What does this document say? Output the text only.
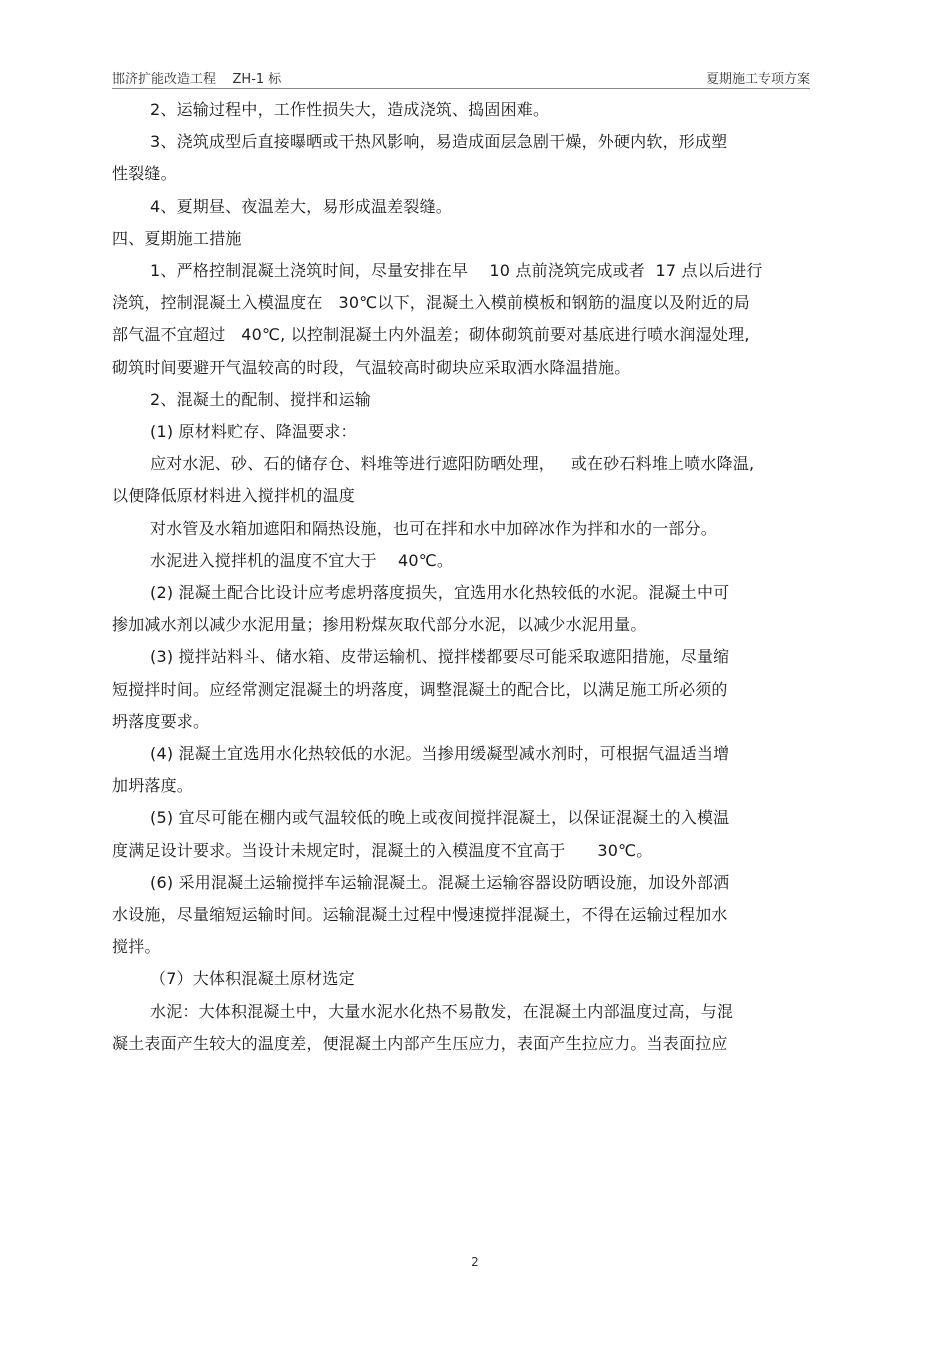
邯济扩能改造工程    ZH-1 标	夏期施工专项方案

2、运输过程中，工作性损失大，造成浇筑、捣固困难。

3、浇筑成型后直接曝晒或干热风影响，易造成面层急剧干燥，外硬内软，形成塑
性裂缝。

4、夏期昼、夜温差大，易形成温差裂缝。

四、夏期施工措施

1、严格控制混凝土浇筑时间，尽量安排在早    10 点前浇筑完成或者  17 点以后进行
浇筑，控制混凝土入模温度在   30℃以下，混凝土入模前模板和钢筋的温度以及附近的局
部气温不宜超过   40℃, 以控制混凝土内外温差；砌体砌筑前要对基底进行喷水润湿处理,
砌筑时间要避开气温较高的时段，气温较高时砌块应采取洒水降温措施。

2、混凝土的配制、搅拌和运输

(1) 原材料贮存、降温要求：

应对水泥、砂、石的储存仓、料堆等进行遮阳防晒处理，   或在砂石料堆上喷水降温,
以便降低原材料进入搅拌机的温度

对水管及水箱加遮阳和隔热设施，也可在拌和水中加碎冰作为拌和水的一部分。

水泥进入搅拌机的温度不宜大于    40℃。

(2) 混凝土配合比设计应考虑坍落度损失，宜选用水化热较低的水泥。混凝土中可
掺加减水剂以减少水泥用量；掺用粉煤灰取代部分水泥，以减少水泥用量。

(3) 搅拌站料斗、储水箱、皮带运输机、搅拌楼都要尽可能采取遮阳措施，尽量缩
短搅拌时间。应经常测定混凝土的坍落度，调整混凝土的配合比，以满足施工所必须的
坍落度要求。

(4) 混凝土宜选用水化热较低的水泥。当掺用缓凝型减水剂时，可根据气温适当增
加坍落度。

(5) 宜尽可能在棚内或气温较低的晚上或夜间搅拌混凝土，以保证混凝土的入模温
度满足设计要求。当设计未规定时，混凝土的入模温度不宜高于      30℃。

(6) 采用混凝土运输搅拌车运输混凝土。混凝土运输容器设防晒设施，加设外部洒
水设施，尽量缩短运输时间。运输混凝土过程中慢速搅拌混凝土，不得在运输过程加水
搅拌。

（7）大体积混凝土原材选定

水泥：大体积混凝土中，大量水泥水化热不易散发，在混凝土内部温度过高，与混
凝土表面产生较大的温度差，便混凝土内部产生压应力，表面产生拉应力。当表面拉应

2
